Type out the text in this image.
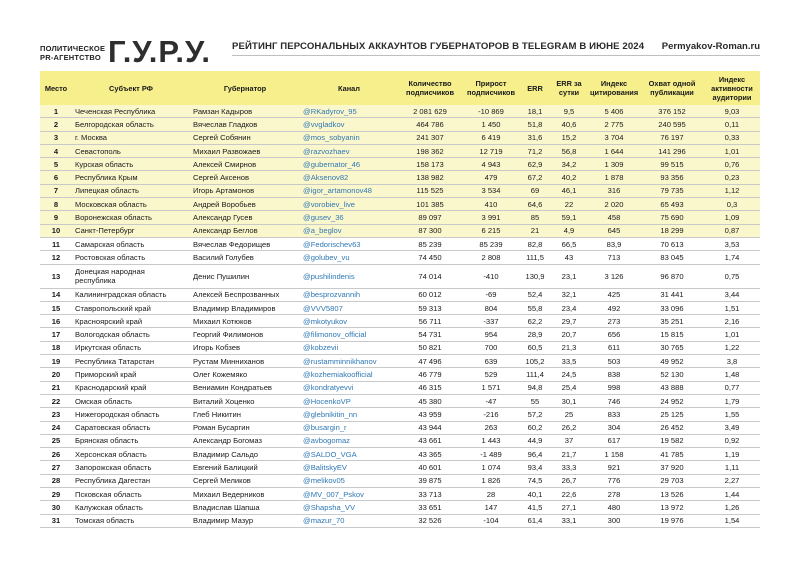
ПОЛИТИЧЕСКОЕ
PR-АГЕНТСТВО Г.У.Р.У. РЕЙТИНГ ПЕРСОНАЛЬНЫХ АККАУНТОВ ГУБЕРНАТОРОВ В TELEGRAM В ИЮНЕ 2024 Permyakov-Roman.ru
Место	Субъект РФ	Губернатор	Канал	Количество подписчиков	Прирост подписчиков	ERR	ERR за сутки	Индекс цитирования	Охват одной публикации	Индекс активности аудитории
1	Чеченская Республика	Рамзан Кадыров	@RKadyrov_95	2 081 629	-10 869	18,1	9,5	5 406	376 152	9,03
2	Белгородская область	Вячеслав Гладков	@vvgladkov	464 786	1 450	51,8	40,6	2 775	240 595	0,11
3	г. Москва	Сергей Собянин	@mos_sobyanin	241 307	6 419	31,6	15,2	3 704	76 197	0,33
4	Севастополь	Михаил Развожаев	@razvozhaev	198 362	12 719	71,2	56,8	1 644	141 296	1,01
5	Курская область	Алексей Смирнов	@gubernator_46	158 173	4 943	62,9	34,2	1 309	99 515	0,76
6	Республика Крым	Сергей Аксенов	@Aksenov82	138 982	479	67,2	40,2	1 878	93 356	0,23
7	Липецкая область	Игорь Артамонов	@igor_artamonov48	115 525	3 534	69	46,1	316	79 735	1,12
8	Московская область	Андрей Воробьев	@vorobiev_live	101 385	410	64,6	22	2 020	65 493	0,3
9	Воронежская область	Александр Гусев	@gusev_36	89 097	3 991	85	59,1	458	75 690	1,09
10	Санкт-Петербург	Александр Беглов	@a_beglov	87 300	6 215	21	4,9	645	18 299	0,87
11	Самарская область	Вячеслав Федорищев	@Fedorischev63	85 239	85 239	82,8	66,5	83,9	70 613	3,53
12	Ростовская область	Василий Голубев	@golubev_vu	74 450	2 808	111,5	43	713	83 045	1,74
13	Донецкая народная республика	Денис Пушилин	@pushilindenis	74 014	-410	130,9	23,1	3 126	96 870	0,75
14	Калининградская область	Алексей Беспрозванных	@besprozvannih	60 012	-69	52,4	32,1	425	31 441	3,44
15	Ставропольский край	Владимир Владимиров	@VVV5807	59 313	804	55,8	23,4	492	33 096	1,51
16	Красноярский край	Михаил Котюков	@mkotyukov	56 711	-337	62,2	29,7	273	35 251	2,16
17	Вологодская область	Георгий Филимонов	@filimonov_official	54 731	954	28,9	20,7	656	15 815	1,01
18	Иркутская область	Игорь Кобзев	@kobzevii	50 821	700	60,5	21,3	611	30 765	1,22
19	Республика Татарстан	Рустам Минниханов	@rustamminnikhanov	47 496	639	105,2	33,5	503	49 952	3,8
20	Приморский край	Олег Кожемяко	@kozhemiakoofficial	46 779	529	111,4	24,5	838	52 130	1,48
21	Краснодарский край	Вениамин Кондратьев	@kondratyevvi	46 315	1 571	94,8	25,4	998	43 888	0,77
22	Омская область	Виталий Хоценко	@HocenkoVP	45 380	-47	55	30,1	746	24 952	1,79
23	Нижегородская область	Глеб Никитин	@glebnikitin_nn	43 959	-216	57,2	25	833	25 125	1,55
24	Саратовская область	Роман Бусаргин	@busargin_r	43 944	263	60,2	26,2	304	26 452	3,49
25	Брянская область	Александр Богомаз	@avbogomaz	43 661	1 443	44,9	37	617	19 582	0,92
26	Херсонская область	Владимир Сальдо	@SALDO_VGA	43 365	-1 489	96,4	21,7	1 158	41 785	1,19
27	Запорожская область	Евгений Балицкий	@BalitskyEV	40 601	1 074	93,4	33,3	921	37 920	1,11
28	Республика Дагестан	Сергей Меликов	@melikov05	39 875	1 826	74,5	26,7	776	29 703	2,27
29	Псковская область	Михаил Ведерников	@MV_007_Pskov	33 713	28	40,1	22,6	278	13 526	1,44
30	Калужская область	Владислав Шапша	@Shapsha_VV	33 651	147	41,5	27,1	480	13 972	1,26
31	Томская область	Владимир Мазур	@mazur_70	32 526	-104	61,4	33,1	300	19 976	1,54
